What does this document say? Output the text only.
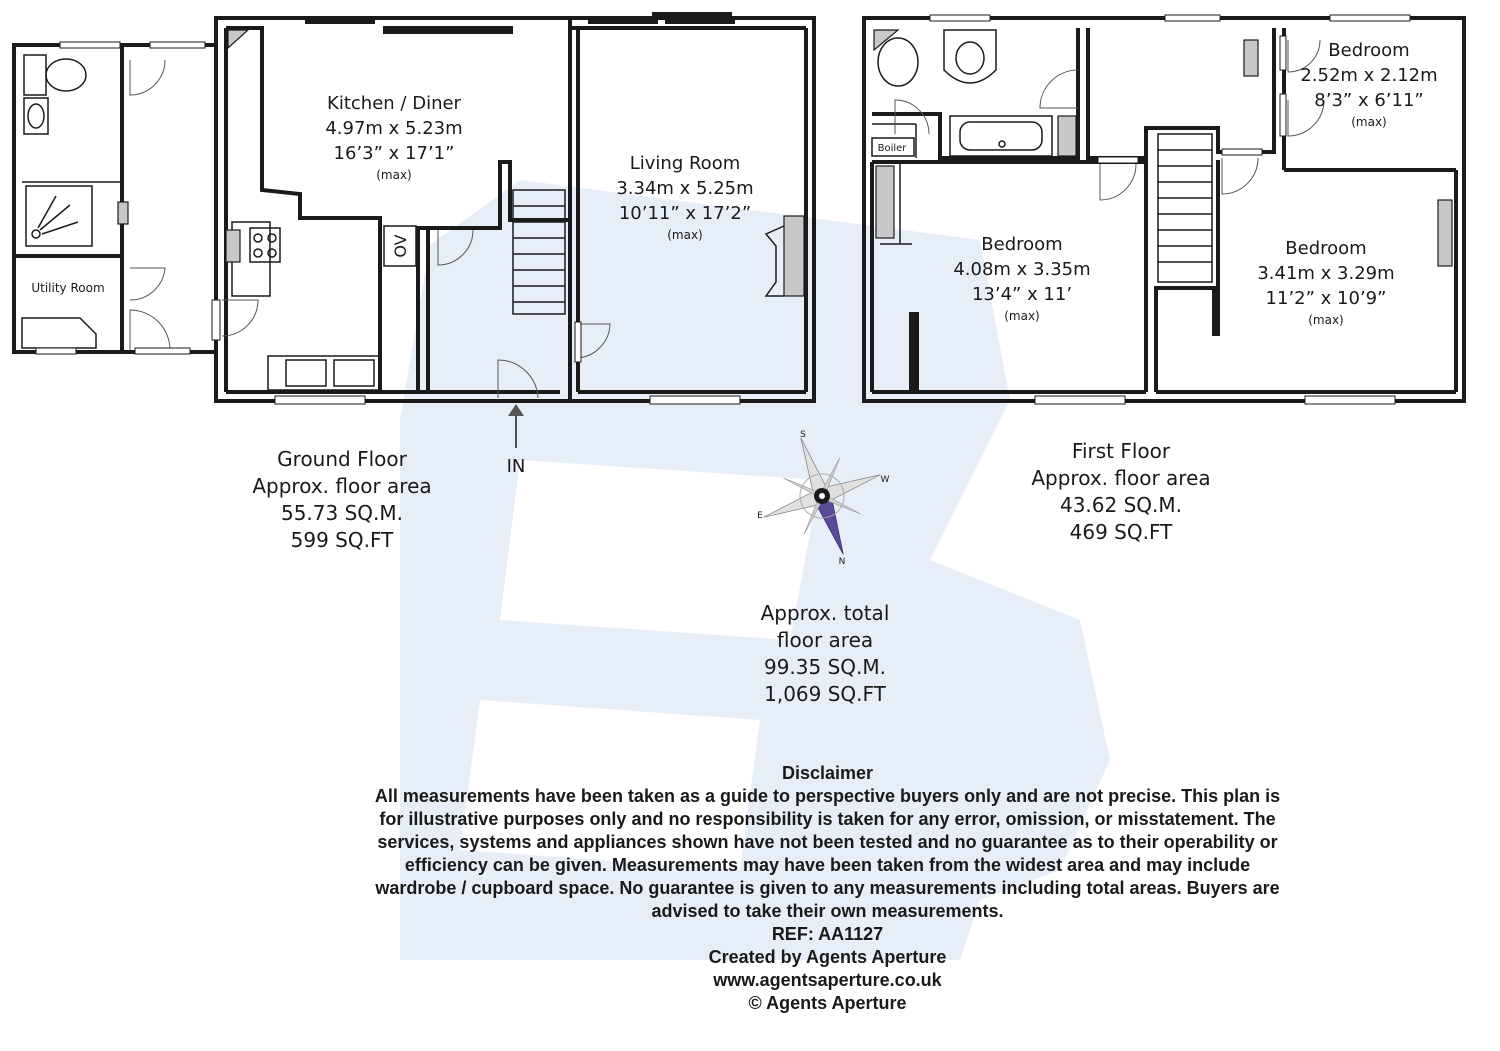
Kitchen / Diner
4.97m x 5.23m
16’3” x 17’1”
(max)
Living Room
3.34m x 5.25m
10’11” x 17’2”
(max)
Utility Room
OV
IN
Ground Floor
Approx. floor area
55.73 SQ.M.
599 SQ.FT
Boiler
Bedroom
2.52m x 2.12m
8’3” x 6’11”
(max)
Bedroom
4.08m x 3.35m
13’4” x 11’
(max)
Bedroom
3.41m x 3.29m
11’2” x 10’9”
(max)
First Floor
Approx. floor area
43.62 SQ.M.
469 SQ.FT
S
W
E
N
Approx. total
floor area
99.35 SQ.M.
1,069 SQ.FT
Disclaimer
All measurements have been taken as a guide to perspective buyers only and are not precise. This plan is
for illustrative purposes only and no responsibility is taken for any error, omission, or misstatement. The
services, systems and appliances shown have not been tested and no guarantee as to their operability or
efficiency can be given. Measurements may have been taken from the widest area and may include
wardrobe / cupboard space. No guarantee is given to any measurements including total areas. Buyers are
advised to take their own measurements.
REF: AA1127
Created by Agents Aperture
www.agentsaperture.co.uk
© Agents Aperture
